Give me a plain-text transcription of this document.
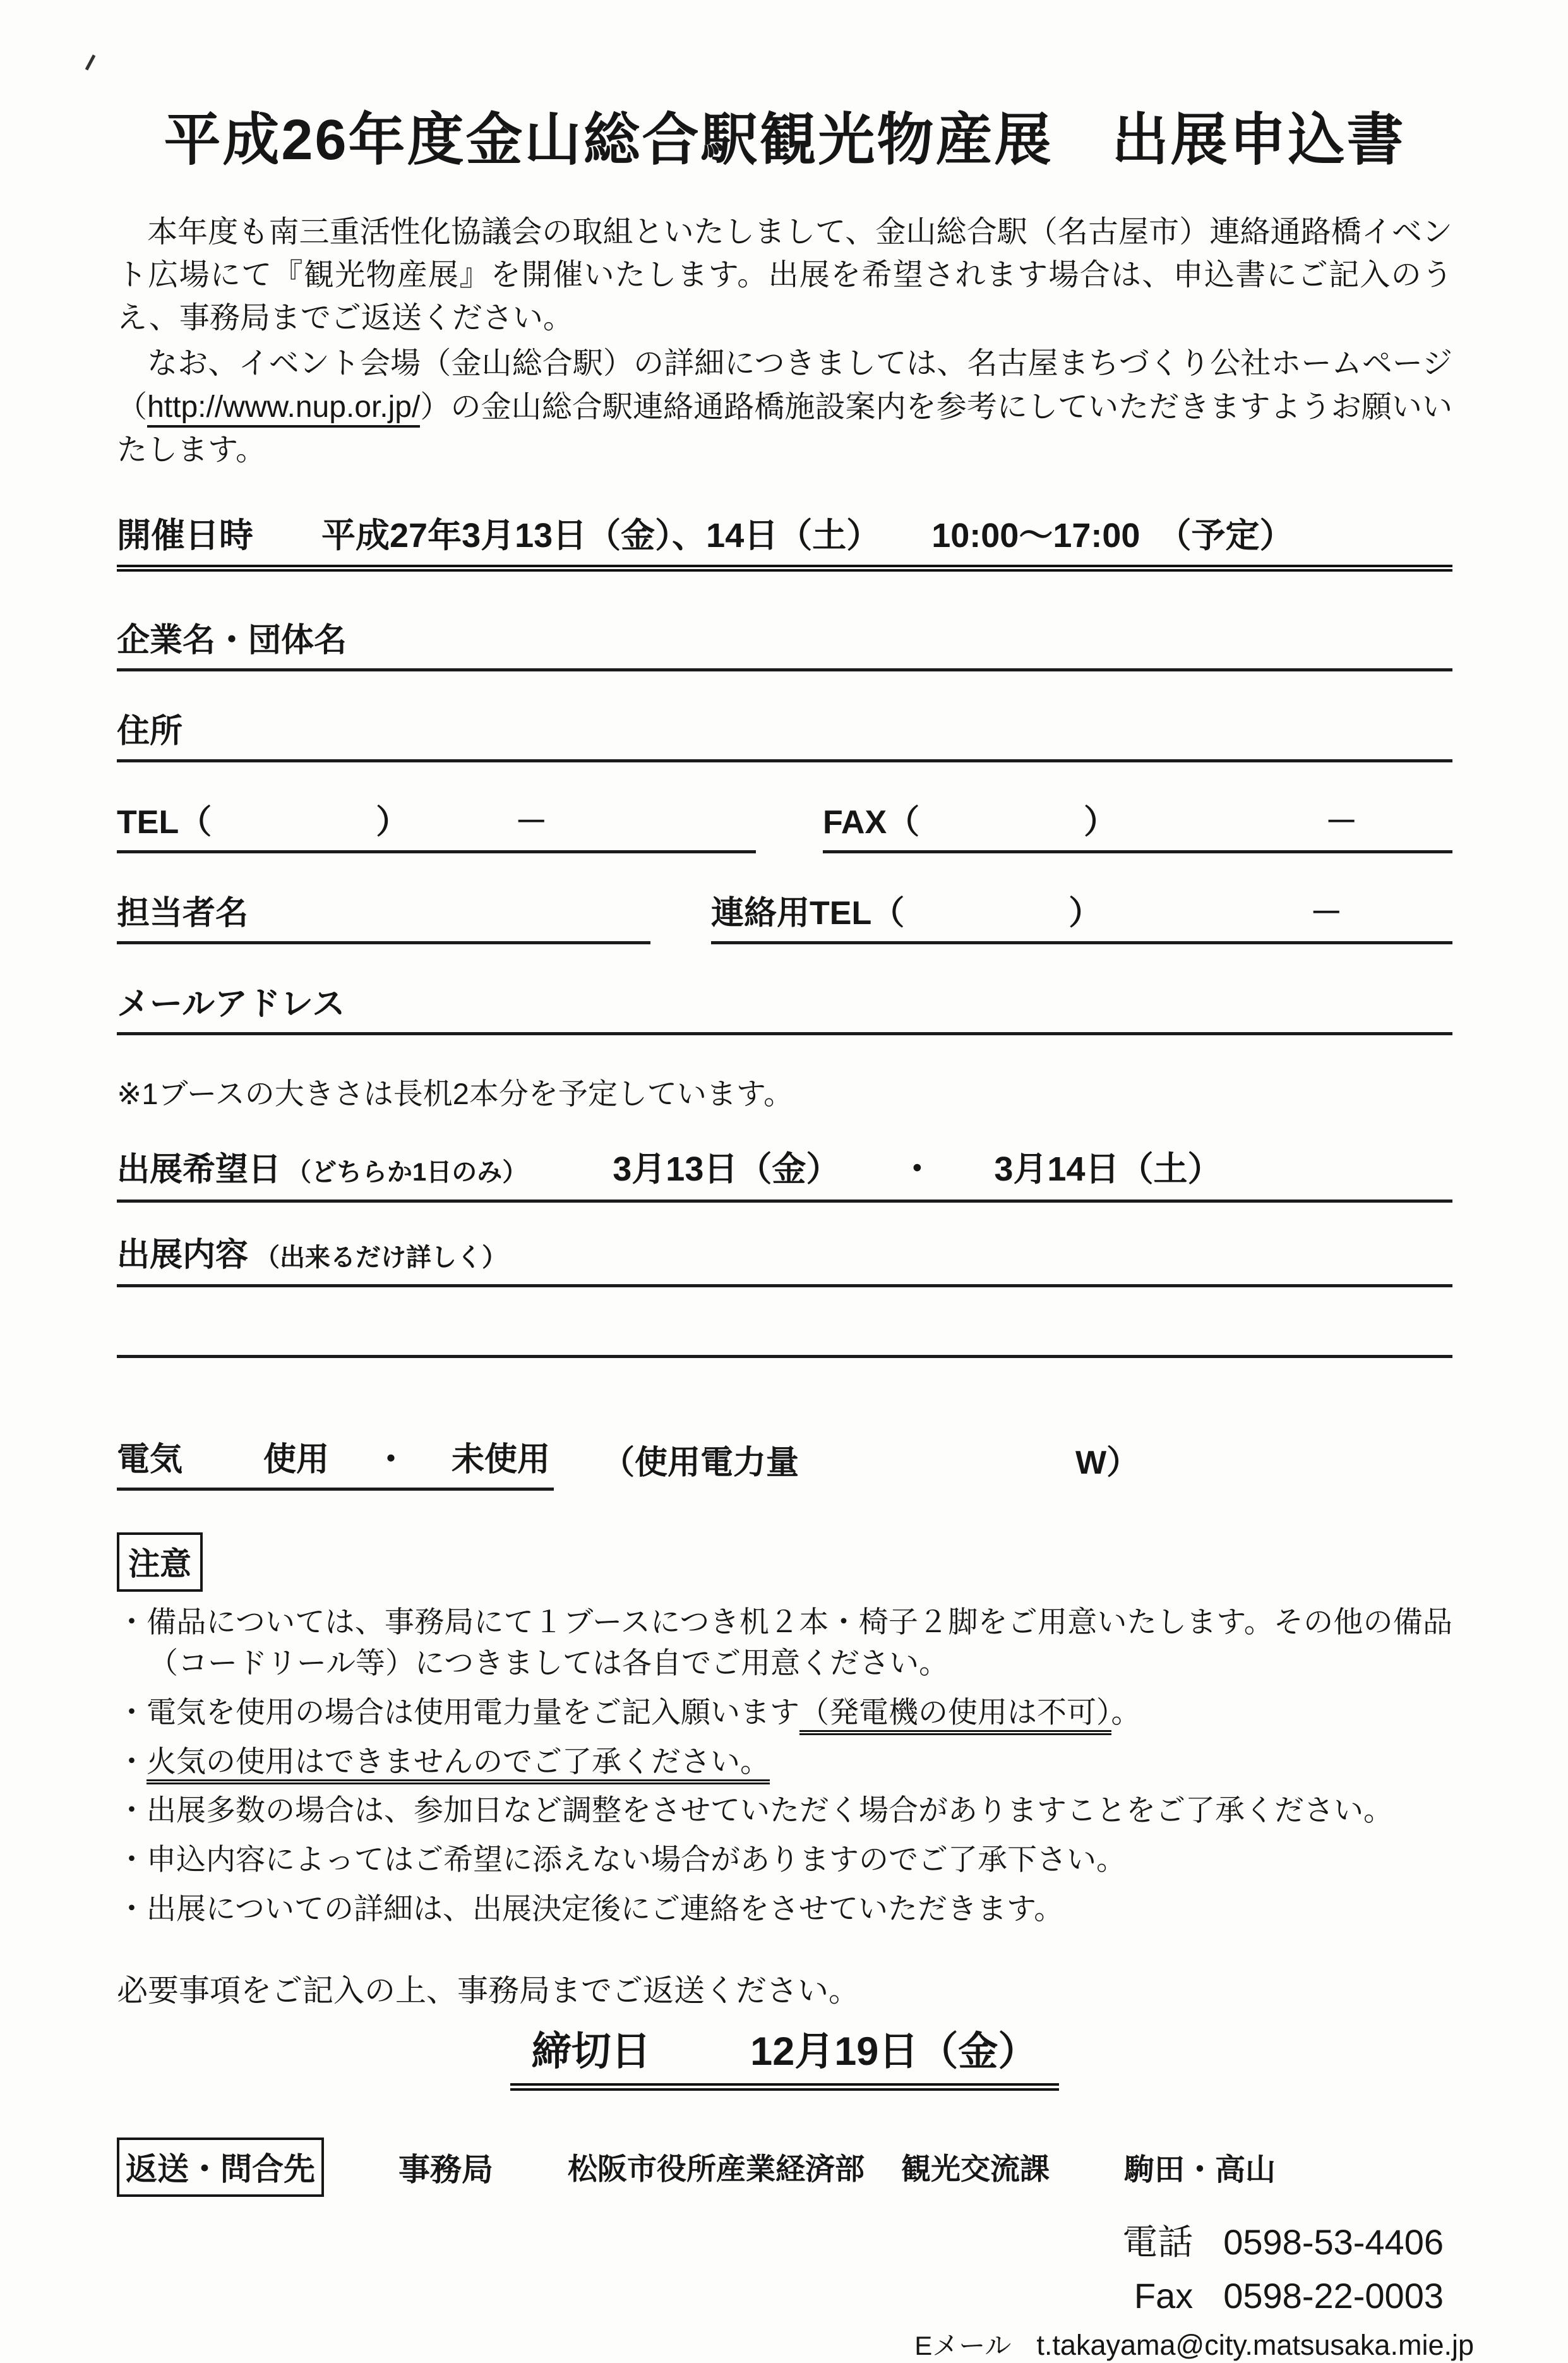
平成26年度金山総合駅観光物産展　出展申込書

　本年度も南三重活性化協議会の取組といたしまして、金山総合駅（名古屋市）連絡通路橋イベント広場にて『観光物産展』を開催いたします。出展を希望されます場合は、申込書にご記入のうえ、事務局までご返送ください。

　なお、イベント会場（金山総合駅）の詳細につきましては、名古屋まちづくり公社ホームページ（http://www.nup.or.jp/）の金山総合駅連絡通路橋施設案内を参考にしていただきますようお願いいたします。

開催日時 平成27年3月13日（金）、14日（土）　　10:00～17:00　（予定）
企業名・団体名
住所
TEL（　　　　　）	－	FAX（　　　　　）	－
担当者名	連絡用TEL（　　　　　）	－
メールアドレス
※1ブースの大きさは長机2本分を予定しています。
出展希望日 （どちらか1日のみ）	3月13日（金） ・ 3月14日（土）
出展内容 （出来るだけ詳しく）
電気 使用 ・ 未使用 （使用電力量	W）
注意
・備品については、事務局にて１ブースにつき机２本・椅子２脚をご用意いたします。その他の備品（コードリール等）につきましては各自でご用意ください。
・電気を使用の場合は使用電力量をご記入願います（発電機の使用は不可）。
・火気の使用はできませんのでご了承ください。
・出展多数の場合は、参加日など調整をさせていただく場合がありますことをご了承ください。
・申込内容によってはご希望に添えない場合がありますのでご了承下さい。
・出展についての詳細は、出展決定後にご連絡をさせていただきます。
必要事項をご記入の上、事務局までご返送ください。
締切日	12月19日（金）
返送・問合先	事務局	松阪市役所産業経済部 観光交流課 駒田・高山
電話 0598-53-4406
Fax 0598-22-0003
Eメール t.takayama@city.matsusaka.mie.jp
